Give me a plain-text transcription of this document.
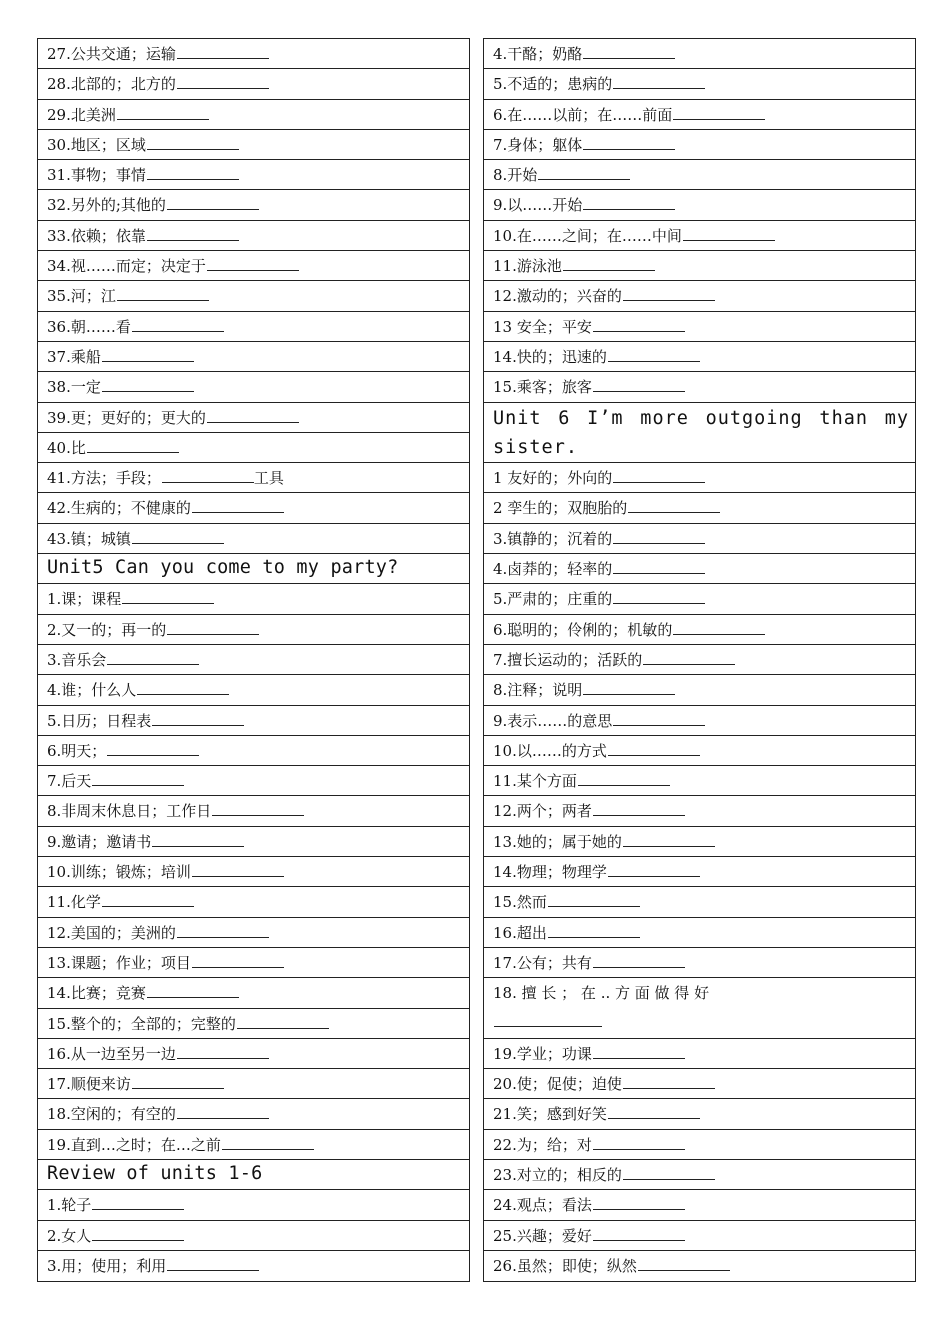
27.公共交通；运输
28.北部的；北方的
29.北美洲
30.地区；区域
31.事物；事情
32.另外的;其他的
33.依赖；依靠
34.视……而定；决定于
35.河；江
36.朝……看
37.乘船
38.一定
39.更；更好的；更大的
40.比
41.方法；手段；	工具
42.生病的；不健康的
43.镇；城镇
Unit5 Can you come to my party?
1.课；课程
2.又一的；再一的
3.音乐会
4.谁；什么人
5.日历；日程表
6.明天；
7.后天
8.非周末休息日；工作日
9.邀请；邀请书
10.训练；锻炼；培训
11.化学
12.美国的；美洲的
13.课题；作业；项目
14.比赛；竞赛
15.整个的；全部的；完整的
16.从一边至另一边
17.顺便来访
18.空闲的；有空的
19.直到…之时；在…之前
Review of units 1-6
1.轮子
2.女人
3.用；使用；利用
4.干酪；奶酪
5.不适的；患病的
6.在……以前；在……前面
7.身体；躯体
8.开始
9.以……开始
10.在……之间；在……中间
11.游泳池
12.激动的；兴奋的
13 安全；平安
14.快的；迅速的
15.乘客；旅客
Unit 6 I’m more outgoing than my sister.
1 友好的；外向的
2 孪生的；双胞胎的
3.镇静的；沉着的
4.卤莽的；轻率的
5.严肃的；庄重的
6.聪明的；伶俐的；机敏的
7.擅长运动的；活跃的
8.注释；说明
9.表示……的意思
10.以……的方式
11.某个方面
12.两个；两者
13.她的；属于她的
14.物理；物理学
15.然而
16.超出
17.公有；共有
18. 擅 长 ； 在 .. 方 面 做 得 好

19.学业；功课
20.使；促使；迫使
21.笑；感到好笑
22.为；给；对
23.对立的；相反的
24.观点；看法
25.兴趣；爱好
26.虽然；即使；纵然
